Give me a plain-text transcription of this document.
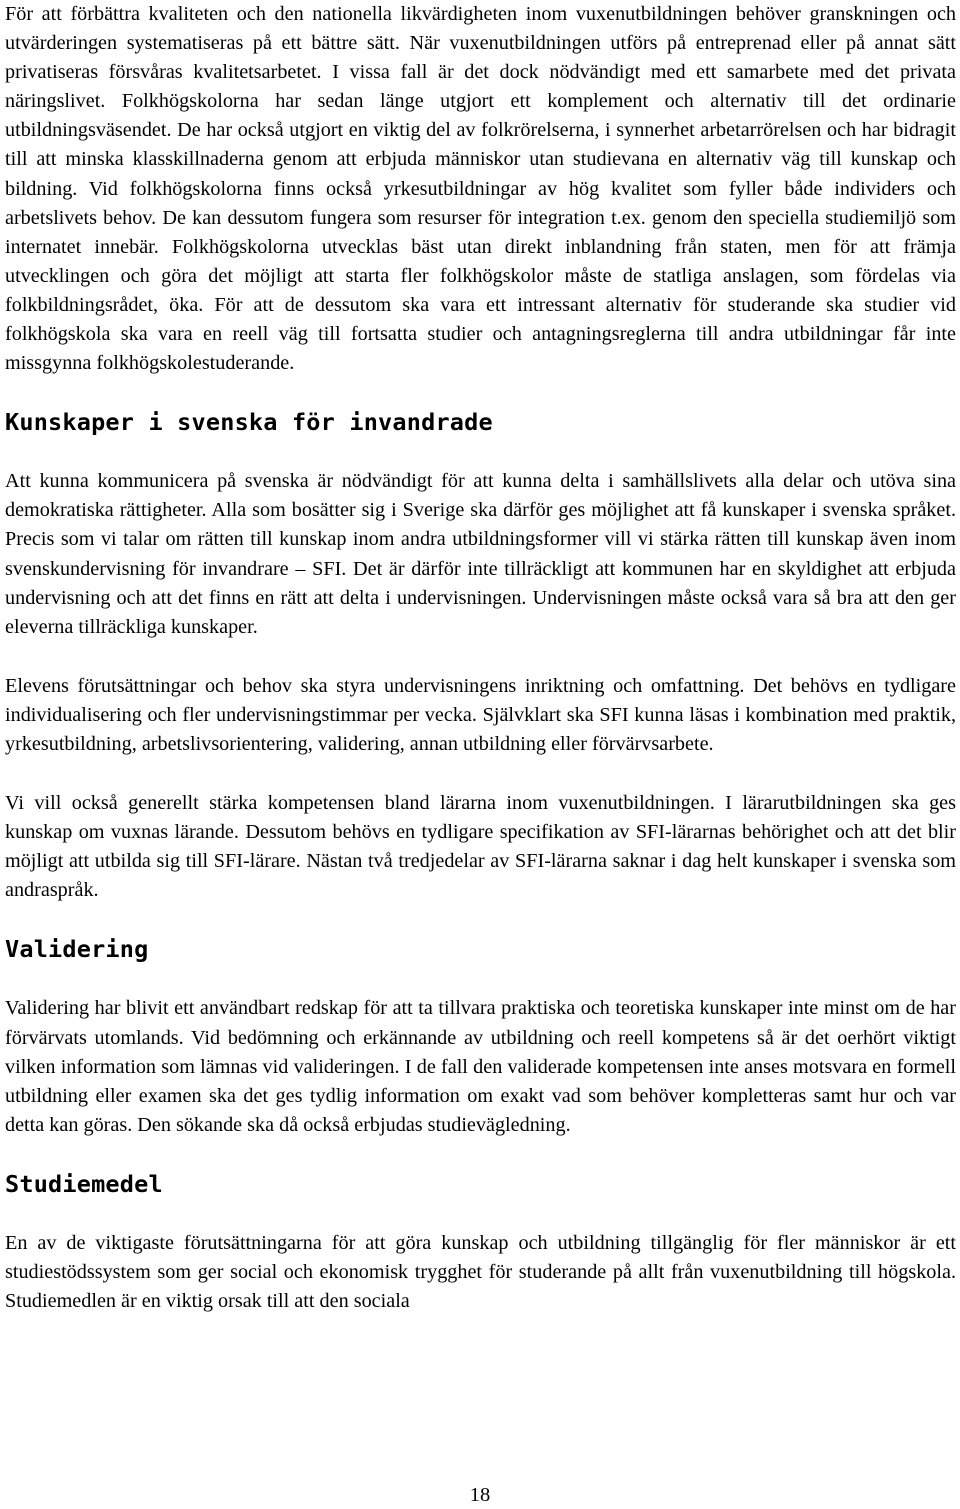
För att förbättra kvaliteten och den nationella likvärdigheten inom vuxenutbildningen behöver granskningen och utvärderingen systematiseras på ett bättre sätt. När vuxenutbildningen utförs på entreprenad eller på annat sätt privatiseras försvåras kvalitetsarbetet. I vissa fall är det dock nödvändigt med ett samarbete med det privata näringslivet. Folkhögskolorna har sedan länge utgjort ett komplement och alternativ till det ordinarie utbildningsväsendet. De har också utgjort en viktig del av folkrörelserna, i synnerhet arbetarrörelsen och har bidragit till att minska klasskillnaderna genom att erbjuda människor utan studievana en alternativ väg till kunskap och bildning. Vid folkhögskolorna finns också yrkesutbildningar av hög kvalitet som fyller både individers och arbetslivets behov. De kan dessutom fungera som resurser för integration t.ex. genom den speciella studiemiljö som internatet innebär. Folkhögskolorna utvecklas bäst utan direkt inblandning från staten, men för att främja utvecklingen och göra det möjligt att starta fler folkhögskolor måste de statliga anslagen, som fördelas via folkbildningsrådet, öka. För att de dessutom ska vara ett intressant alternativ för studerande ska studier vid folkhögskola ska vara en reell väg till fortsatta studier och antagningsreglerna till andra utbildningar får inte missgynna folkhögskolestuderande.

Kunskaper i svenska för invandrade

Att kunna kommunicera på svenska är nödvändigt för att kunna delta i samhällslivets alla delar och utöva sina demokratiska rättigheter. Alla som bosätter sig i Sverige ska därför ges möjlighet att få kunskaper i svenska språket. Precis som vi talar om rätten till kunskap inom andra utbildningsformer vill vi stärka rätten till kunskap även inom svenskundervisning för invandrare – SFI. Det är därför inte tillräckligt att kommunen har en skyldighet att erbjuda undervisning och att det finns en rätt att delta i undervisningen. Undervisningen måste också vara så bra att den ger eleverna tillräckliga kunskaper.

Elevens förutsättningar och behov ska styra undervisningens inriktning och omfattning. Det behövs en tydligare individualisering och fler undervisningstimmar per vecka. Självklart ska SFI kunna läsas i kombination med praktik, yrkesutbildning, arbetslivsorientering, validering, annan utbildning eller förvärvsarbete.

Vi vill också generellt stärka kompetensen bland lärarna inom vuxenutbildningen. I lärarutbildningen ska ges kunskap om vuxnas lärande. Dessutom behövs en tydligare specifikation av SFI-lärarnas behörighet och att det blir möjligt att utbilda sig till SFI-lärare. Nästan två tredjedelar av SFI-lärarna saknar i dag helt kunskaper i svenska som andraspråk.

Validering

Validering har blivit ett användbart redskap för att ta tillvara praktiska och teoretiska kunskaper inte minst om de har förvärvats utomlands. Vid bedömning och erkännande av utbildning och reell kompetens så är det oerhört viktigt vilken information som lämnas vid valideringen. I de fall den validerade kompetensen inte anses motsvara en formell utbildning eller examen ska det ges tydlig information om exakt vad som behöver kompletteras samt hur och var detta kan göras. Den sökande ska då också erbjudas studievägledning.

Studiemedel

En av de viktigaste förutsättningarna för att göra kunskap och utbildning tillgänglig för fler människor är ett studiestödssystem som ger social och ekonomisk trygghet för studerande på allt från vuxenutbildning till högskola. Studiemedlen är en viktig orsak till att den sociala

18
